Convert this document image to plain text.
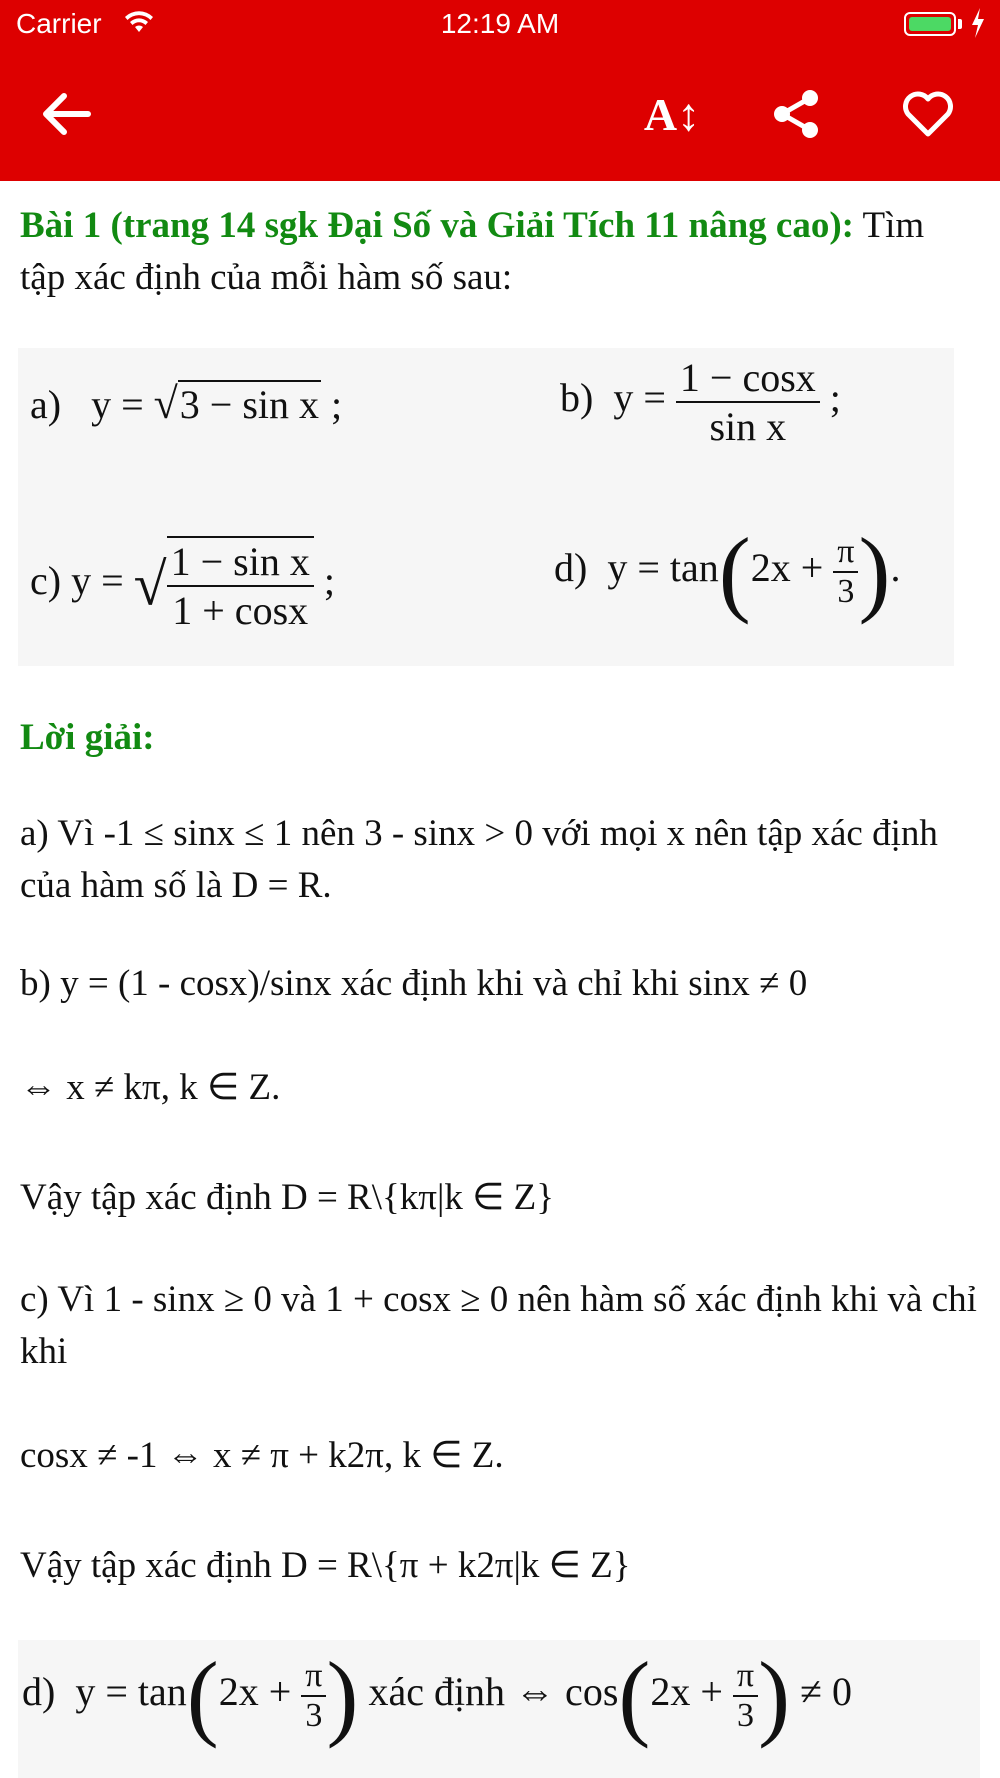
Carrier	12:19 AM
A↕

Bài 1 (trang 14 sgk Đại Số và Giải Tích 11 nâng cao): Tìm tập xác định của mỗi hàm số sau:

a) y = √3 − sin x ;	b) $y = \frac{1 - \cos x}{\text{sin x}}$ ;
c) y = √ $\frac{\text{1 − sin x}}{1 + \cos x}$ ;	d) $y = \tan(2x + \frac{\pi}{3}$ ).

Lời giải:

a) Vì -1 ≤ sinx ≤ 1 nên 3 - sinx > 0 với mọi x nên tập xác định của hàm số là D = R.

b) y = (1 - cosx)/sinx xác định khi và chỉ khi sinx ≠ 0

⇔ x ≠ kπ, k ∈ Z.

Vậy tập xác định D = R\{kπ|k ∈ Z}

c) Vì 1 - sinx ≥ 0 và 1 + cosx ≥ 0 nên hàm số xác định khi và chỉ khi

cosx ≠ -1 ⇔ x ≠ π + k2π, k ∈ Z.

Vậy tập xác định D = R\{π + k2π|k ∈ Z}

d) $y = \tan(2x + \frac{\pi}{3}$ ) xác định ⇔ $\cos(2x + \frac{\pi}{3}$ ) ≠ 0
